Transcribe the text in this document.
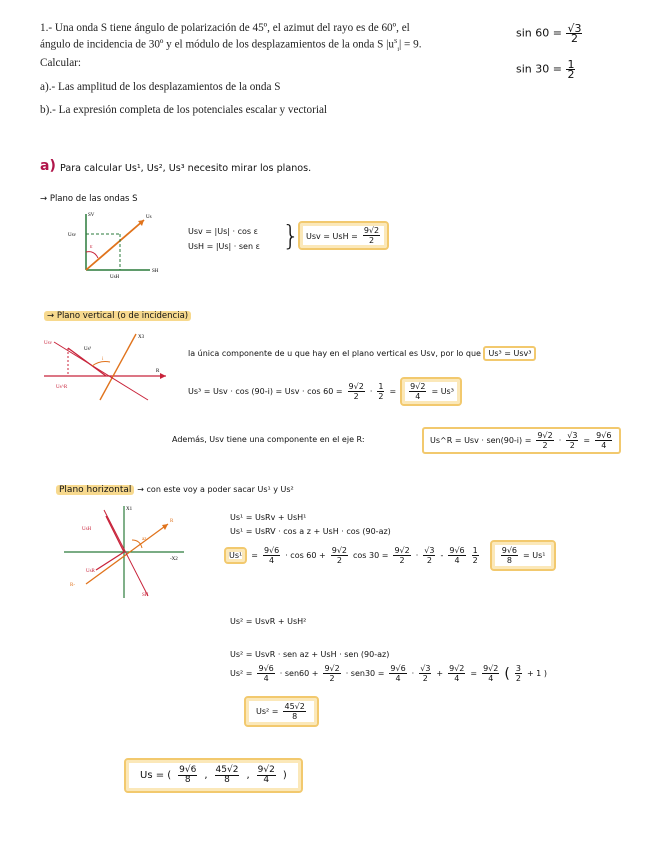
1.- Una onda S tiene ángulo de polarización de 45º, el azimut del rayo es de 60º, el
ángulo de incidencia de 30º y el módulo de los desplazamientos de la onda S $|u^S_i| = 9$.
Calcular:
a).- Las amplitud de los desplazamientos de la onda S
b).- La expresión completa de los potenciales escalar y vectorial
$\sin 60 = \frac{√3}{2}$
$\sin 30 = \frac{1}{2}$
a) Para calcular Us¹, Us², Us³ necesito mirar los planos.
→ Plano de las ondas S
ε
SV	Us
Usv
UsH
SH
Usv = |Us| · cos ε
UsH = |Us| · sen ε } Usv = UsH = $\frac{9√2}{2}$
→ Plano vertical (o de incidencia)
X3
R
i
Usv
Us^R
Us³	la única componente de u que hay en el plano vertical es Usv, por lo que Us³ = Usv³
Us³ = Usv · cos (90-i) = Usv · $\cos 60 = \frac{9√2}{2} \cdot \frac{1}{2} = \frac{9√2}{4} = Us^3$
Además, Usv tiene una componente en el eje R:	Us^R = Usv · $sen(90-i) = \frac{9√2}{2} \cdot \frac{√3}{2} = \frac{9√6}{4}$
Plano horizontal → con este voy a poder sacar Us¹ y Us²
X1
R
az
-X2
UsH
SH
UsR
R-
Us¹ = UsRv + UsH¹
Us¹ = UsRV · cos a z + UsH · cos (90-az)
Us¹	= $\frac{9√6}{4} \cdot \cos 60 + \frac{9√2}{2}$ $\cos 30 = \frac{9√2}{2} \cdot \frac{√3}{2} - \frac{9√6}{4} \frac{1}{2}$	$\frac{9√6}{8} = Us^1$
Us² = UsvR + UsH²
Us² = UsvR · sen az + UsH · sen (90-az)
$Us^2 = \frac{9√6}{4} \cdot sen60 + \frac{9√2}{2} \cdot sen30 = \frac{9√6}{4} \cdot \frac{√3}{2} + \frac{9√2}{4} = \frac{9√2}{4}$ ( $\frac{3}{2} + 1$ )
$Us^2 = \frac{45√2}{8}$
Us = ( $\frac{9√6}{8}$ , $\frac{45√2}{8}$ , $\frac{9√2}{4}$ )
